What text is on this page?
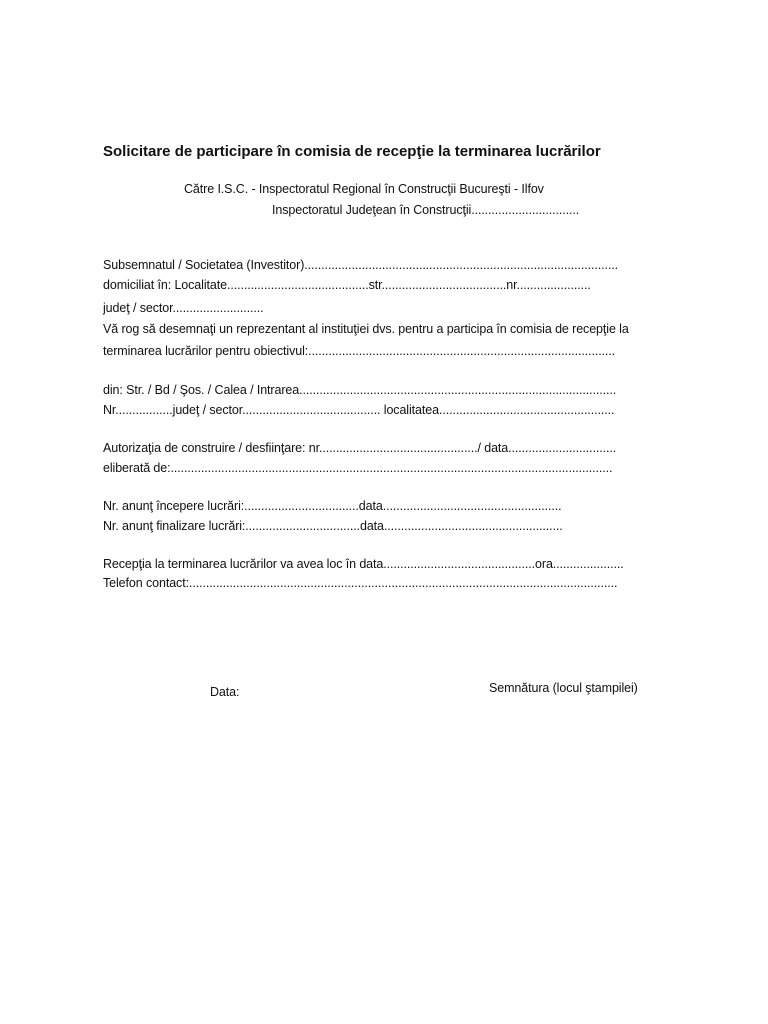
Solicitare de participare în comisia de recepţie la terminarea lucrărilor
Către I.S.C. - Inspectoratul Regional în Construcţii Bucureşti - Ilfov
Inspectoratul Judeţean în Construcţii................................
Subsemnatul / Societatea (Investitor).............................................................................................
domiciliat în: Localitate..........................................str.....................................nr......................
judeţ / sector...........................
Vă rog să desemnaţi un reprezentant al instituţiei dvs. pentru a participa în comisia de recepţie la
terminarea lucrărilor pentru obiectivul:...........................................................................................
din: Str. / Bd / Şos. / Calea / Intrarea..............................................................................................
Nr.................judeţ / sector......................................... localitatea....................................................
Autorizaţia de construire / desfiinţare: nr.............................................../ data................................
eliberată de:...................................................................................................................................
Nr. anunţ începere lucrări:..................................data.....................................................
Nr. anunţ finalizare lucrări:..................................data.....................................................
Recepţia la terminarea lucrărilor va avea loc în data.............................................ora.....................
Telefon contact:...............................................................................................................................
Data:	Semnătura (locul ştampilei)
